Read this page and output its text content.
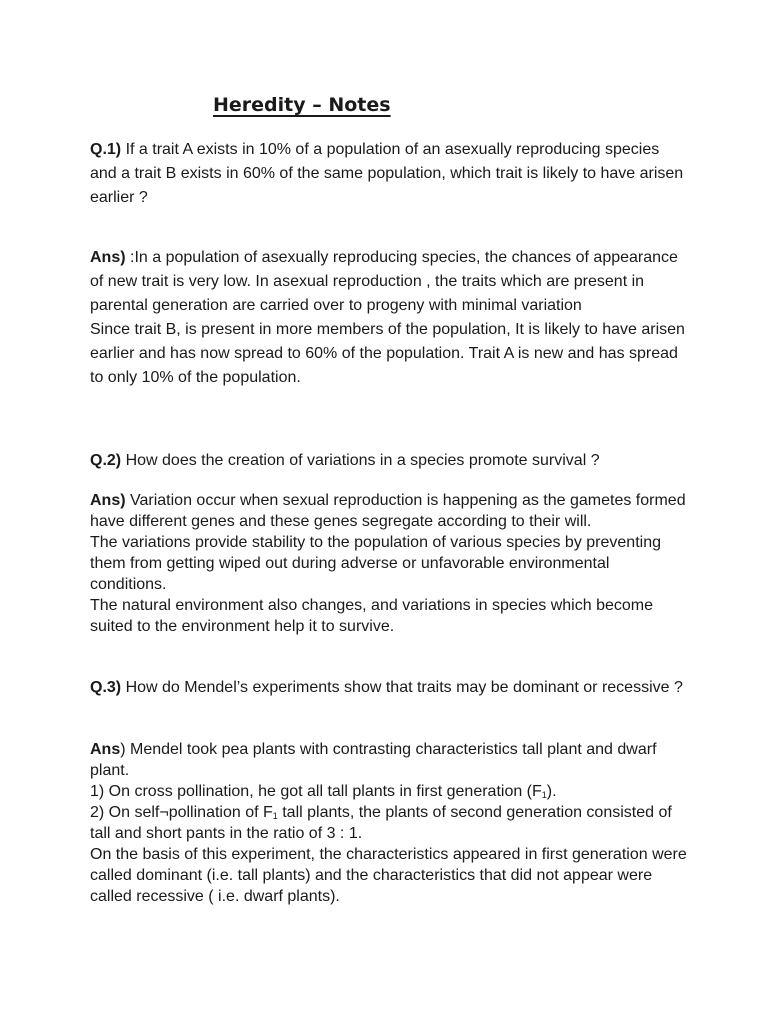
Heredity – Notes

Q.1) If a trait A exists in 10% of a population of an asexually reproducing species and a trait B exists in 60% of the same population, which trait is likely to have arisen earlier ?

Ans) :In a population of asexually reproducing species, the chances of appearance of new trait is very low. In asexual reproduction , the traits which are present in parental generation are carried over to progeny with minimal variation

Since trait B, is present in more members of the population, It is likely to have arisen earlier and has now spread to 60% of the population. Trait A is new and has spread to only 10% of the population.

Q.2) How does the creation of variations in a species promote survival ?

Ans) Variation occur when sexual reproduction is happening as the gametes formed have different genes and these genes segregate according to their will.

The variations provide stability to the population of various species by preventing them from getting wiped out during adverse or unfavorable environmental conditions.

The natural environment also changes, and variations in species which become suited to the environment help it to survive.

Q.3) How do Mendel’s experiments show that traits may be dominant or recessive ?

Ans) Mendel took pea plants with contrasting characteristics tall plant and dwarf plant.

1) On cross pollination, he got all tall plants in first generation $(F_1)$.

2) On self¬pollination of $F_1$ tall plants, the plants of second generation consisted of tall and short pants in the ratio of 3 : 1.

On the basis of this experiment, the characteristics appeared in first generation were called dominant (i.e. tall plants) and the characteristics that did not appear were called recessive ( i.e. dwarf plants).
